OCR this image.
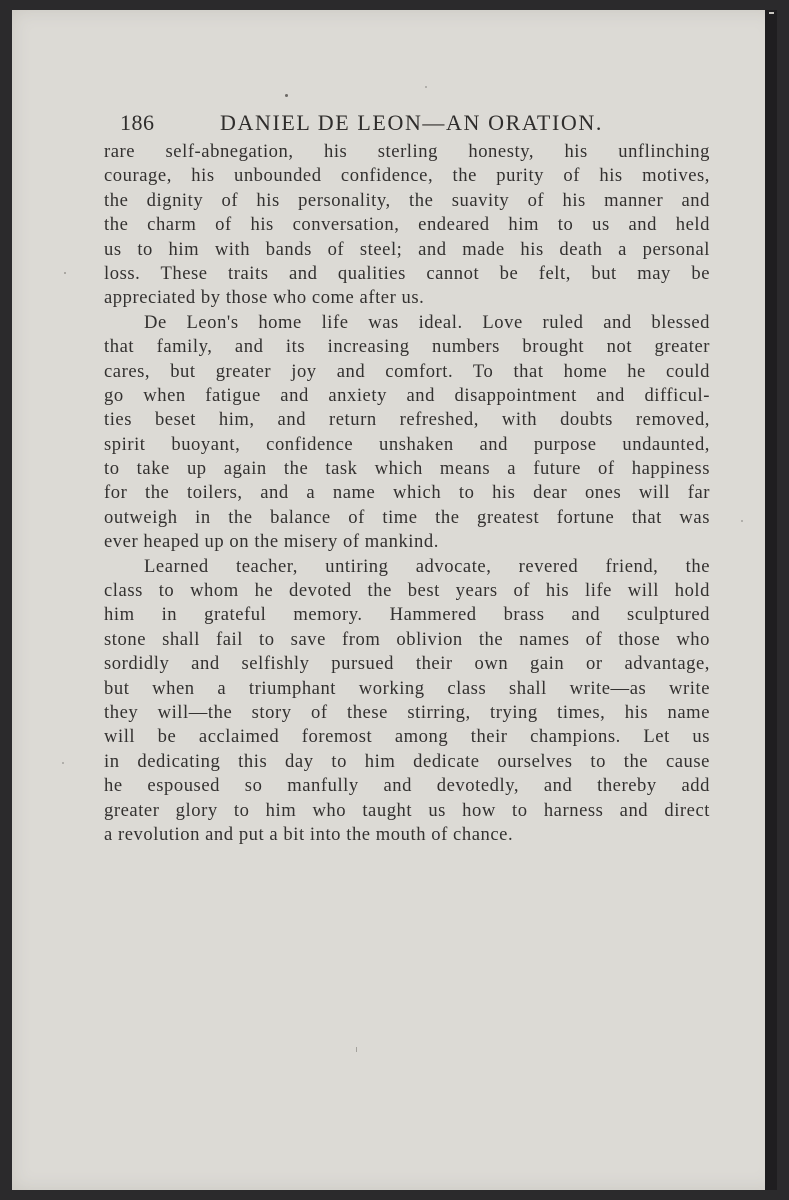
186	DANIEL DE LEON—AN ORATION.
rare self-abnegation, his sterling honesty, his unflinching
courage, his unbounded confidence, the purity of his motives,
the dignity of his personality, the suavity of his manner and
the charm of his conversation, endeared him to us and held
us to him with bands of steel; and made his death a personal
loss. These traits and qualities cannot be felt, but may be
appreciated by those who come after us.
De Leon's home life was ideal. Love ruled and blessed
that family, and its increasing numbers brought not greater
cares, but greater joy and comfort. To that home he could
go when fatigue and anxiety and disappointment and difficul-
ties beset him, and return refreshed, with doubts removed,
spirit buoyant, confidence unshaken and purpose undaunted,
to take up again the task which means a future of happiness
for the toilers, and a name which to his dear ones will far
outweigh in the balance of time the greatest fortune that was
ever heaped up on the misery of mankind.
Learned teacher, untiring advocate, revered friend, the
class to whom he devoted the best years of his life will hold
him in grateful memory. Hammered brass and sculptured
stone shall fail to save from oblivion the names of those who
sordidly and selfishly pursued their own gain or advantage,
but when a triumphant working class shall write—as write
they will—the story of these stirring, trying times, his name
will be acclaimed foremost among their champions. Let us
in dedicating this day to him dedicate ourselves to the cause
he espoused so manfully and devotedly, and thereby add
greater glory to him who taught us how to harness and direct
a revolution and put a bit into the mouth of chance.
